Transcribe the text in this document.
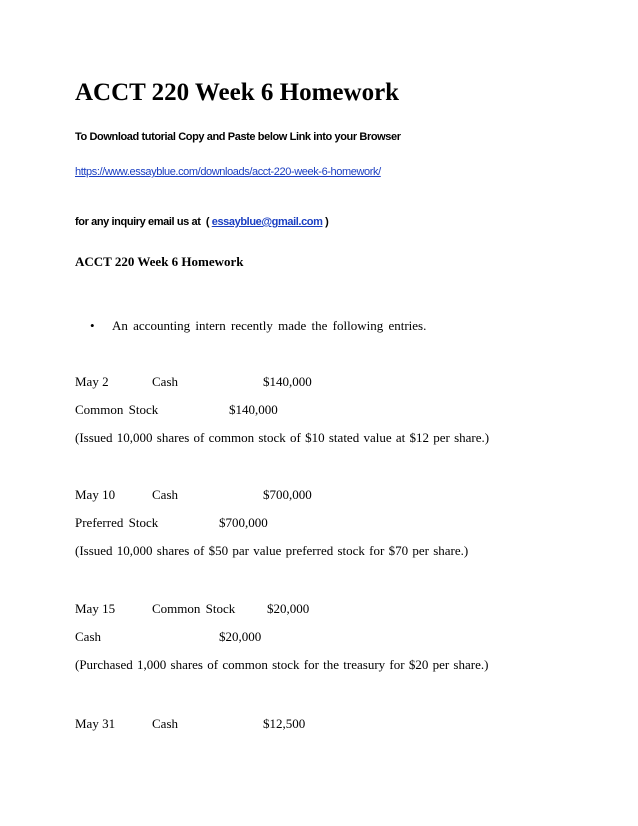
ACCT 220 Week 6 Homework
To Download tutorial Copy and Paste below Link into your Browser
https://www.essayblue.com/downloads/acct-220-week-6-homework/
for any inquiry email us at  ( essayblue@gmail.com )
ACCT 220 Week 6 Homework
• An accounting intern recently made the following entries.
May 2	Cash	$140,000
Common Stock	$140,000
(Issued 10,000 shares of common stock of $10 stated value at $12 per share.)
May 10	Cash	$700,000
Preferred Stock	$700,000
(Issued 10,000 shares of $50 par value preferred stock for $70 per share.)
May 15	Common Stock $20,000
Cash	$20,000
(Purchased 1,000 shares of common stock for the treasury for $20 per share.)
May 31	Cash	$12,500
